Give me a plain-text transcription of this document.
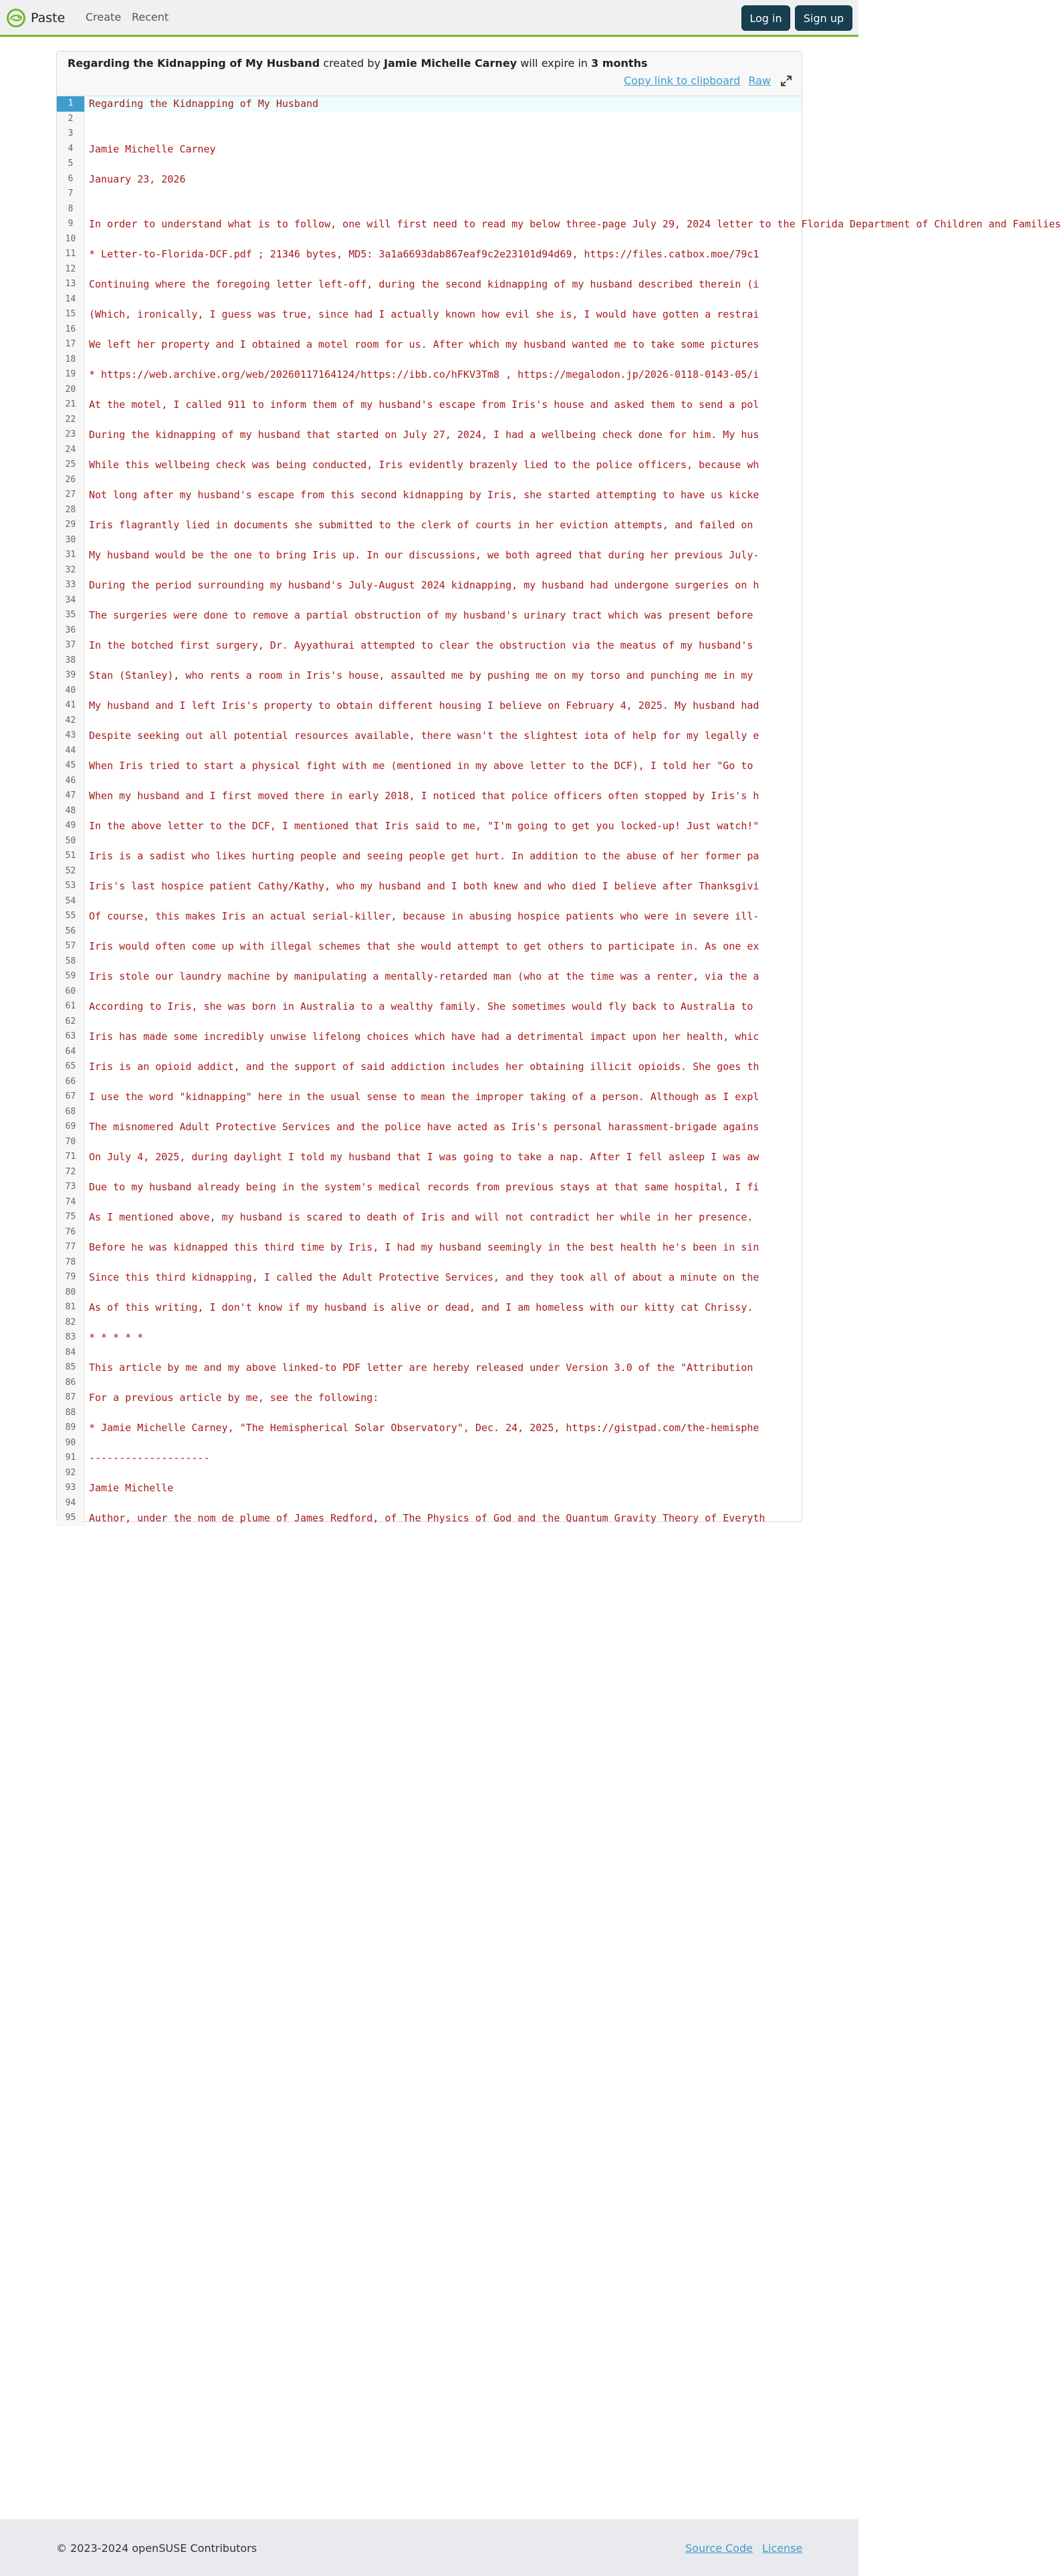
Paste Create Recent	Log in	Sign up
Regarding the Kidnapping of My Husband created by Jamie Michelle Carney will expire in 3 months
Copy link to clipboard Raw
1	Regarding the Kidnapping of My Husband
2
3
4	Jamie Michelle Carney
5
6	January 23, 2026
7
8
9	In order to understand what is to follow, one will first need to read my below three-page July 29, 2024 letter to the Florida Department of Children and Families
10
11	* Letter-to-Florida-DCF.pdf ; 21346 bytes, MD5: 3a1a6693dab867eaf9c2e23101d94d69, https://files.catbox.moe/79c1
12
13	Continuing where the foregoing letter left-off, during the second kidnapping of my husband described therein (i
14
15	(Which, ironically, I guess was true, since had I actually known how evil she is, I would have gotten a restrai
16
17	We left her property and I obtained a motel room for us. After which my husband wanted me to take some pictures
18
19	* https://web.archive.org/web/20260117164124/https://ibb.co/hFKV3Tm8 , https://megalodon.jp/2026-0118-0143-05/i
20
21	At the motel, I called 911 to inform them of my husband's escape from Iris's house and asked them to send a pol
22
23	During the kidnapping of my husband that started on July 27, 2024, I had a wellbeing check done for him. My hus
24
25	While this wellbeing check was being conducted, Iris evidently brazenly lied to the police officers, because wh
26
27	Not long after my husband's escape from this second kidnapping by Iris, she started attempting to have us kicke
28
29	Iris flagrantly lied in documents she submitted to the clerk of courts in her eviction attempts, and failed on
30
31	My husband would be the one to bring Iris up. In our discussions, we both agreed that during her previous July-
32
33	During the period surrounding my husband's July-August 2024 kidnapping, my husband had undergone surgeries on h
34
35	The surgeries were done to remove a partial obstruction of my husband's urinary tract which was present before
36
37	In the botched first surgery, Dr. Ayyathurai attempted to clear the obstruction via the meatus of my husband's
38
39	Stan (Stanley), who rents a room in Iris's house, assaulted me by pushing me on my torso and punching me in my
40
41	My husband and I left Iris's property to obtain different housing I believe on February 4, 2025. My husband had
42
43	Despite seeking out all potential resources available, there wasn't the slightest iota of help for my legally e
44
45	When Iris tried to start a physical fight with me (mentioned in my above letter to the DCF), I told her "Go to
46
47	When my husband and I first moved there in early 2018, I noticed that police officers often stopped by Iris's h
48
49	In the above letter to the DCF, I mentioned that Iris said to me, "I'm going to get you locked-up! Just watch!"
50
51	Iris is a sadist who likes hurting people and seeing people get hurt. In addition to the abuse of her former pa
52
53	Iris's last hospice patient Cathy/Kathy, who my husband and I both knew and who died I believe after Thanksgivi
54
55	Of course, this makes Iris an actual serial-killer, because in abusing hospice patients who were in severe ill-
56
57	Iris would often come up with illegal schemes that she would attempt to get others to participate in. As one ex
58
59	Iris stole our laundry machine by manipulating a mentally-retarded man (who at the time was a renter, via the a
60
61	According to Iris, she was born in Australia to a wealthy family. She sometimes would fly back to Australia to
62
63	Iris has made some incredibly unwise lifelong choices which have had a detrimental impact upon her health, whic
64
65	Iris is an opioid addict, and the support of said addiction includes her obtaining illicit opioids. She goes th
66
67	I use the word "kidnapping" here in the usual sense to mean the improper taking of a person. Although as I expl
68
69	The misnomered Adult Protective Services and the police have acted as Iris's personal harassment-brigade agains
70
71	On July 4, 2025, during daylight I told my husband that I was going to take a nap. After I fell asleep I was aw
72
73	Due to my husband already being in the system's medical records from previous stays at that same hospital, I fi
74
75	As I mentioned above, my husband is scared to death of Iris and will not contradict her while in her presence.
76
77	Before he was kidnapped this third time by Iris, I had my husband seemingly in the best health he's been in sin
78
79	Since this third kidnapping, I called the Adult Protective Services, and they took all of about a minute on the
80
81	As of this writing, I don't know if my husband is alive or dead, and I am homeless with our kitty cat Chrissy.
82
83	* * * * *
84
85	This article by me and my above linked-to PDF letter are hereby released under Version 3.0 of the "Attribution
86
87	For a previous article by me, see the following:
88
89	* Jamie Michelle Carney, "The Hemispherical Solar Observatory", Dec. 24, 2025, https://gistpad.com/the-hemisphe
90
91	--------------------
92
93	Jamie Michelle
94
95	Author, under the nom de plume of James Redford, of The Physics of God and the Quantum Gravity Theory of Everyth
© 2023-2024 openSUSE Contributors	Source Code License
